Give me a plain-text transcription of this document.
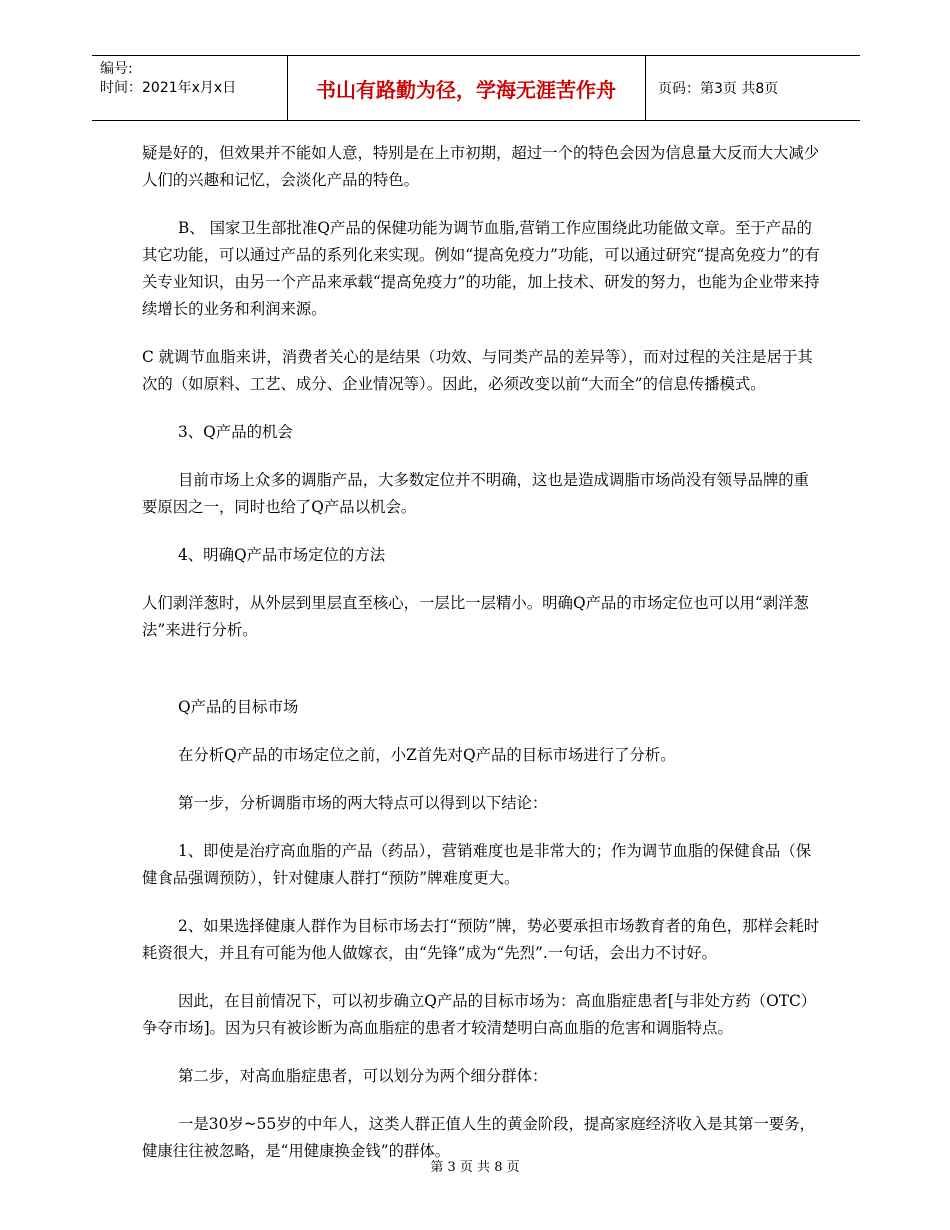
编号:
时间：2021年x月x日	书山有路勤为径，学海无涯苦作舟	页码：第3页 共8页

疑是好的，但效果并不能如人意，特别是在上市初期，超过一个的特色会因为信息量大反而大大减少人们的兴趣和记忆，会淡化产品的特色。

B、 国家卫生部批准Q产品的保健功能为调节血脂,营销工作应围绕此功能做文章。至于产品的其它功能，可以通过产品的系列化来实现。例如“提高免疫力”功能，可以通过研究“提高免疫力”的有关专业知识，由另一个产品来承载“提高免疫力”的功能，加上技术、研发的努力，也能为企业带来持续增长的业务和利润来源。

C 就调节血脂来讲，消费者关心的是结果（功效、与同类产品的差异等），而对过程的关注是居于其次的（如原料、工艺、成分、企业情况等）。因此，必须改变以前“大而全”的信息传播模式。

3、Q产品的机会

目前市场上众多的调脂产品，大多数定位并不明确，这也是造成调脂市场尚没有领导品牌的重要原因之一，同时也给了Q产品以机会。

4、明确Q产品市场定位的方法

人们剥洋葱时，从外层到里层直至核心，一层比一层精小。明确Q产品的市场定位也可以用“剥洋葱法”来进行分析。

Q产品的目标市场

在分析Q产品的市场定位之前，小Z首先对Q产品的目标市场进行了分析。

第一步，分析调脂市场的两大特点可以得到以下结论：

1、即使是治疗高血脂的产品（药品），营销难度也是非常大的；作为调节血脂的保健食品（保健食品强调预防），针对健康人群打“预防”牌难度更大。

2、如果选择健康人群作为目标市场去打“预防”牌，势必要承担市场教育者的角色，那样会耗时耗资很大，并且有可能为他人做嫁衣，由“先锋”成为“先烈”.一句话，会出力不讨好。

因此，在目前情况下，可以初步确立Q产品的目标市场为：高血脂症患者[与非处方药（OTC）争夺市场]。因为只有被诊断为高血脂症的患者才较清楚明白高血脂的危害和调脂特点。

第二步，对高血脂症患者，可以划分为两个细分群体：

一是30岁~55岁的中年人，这类人群正值人生的黄金阶段，提高家庭经济收入是其第一要务，健康往往被忽略，是“用健康换金钱”的群体。

第 3 页 共 8 页
